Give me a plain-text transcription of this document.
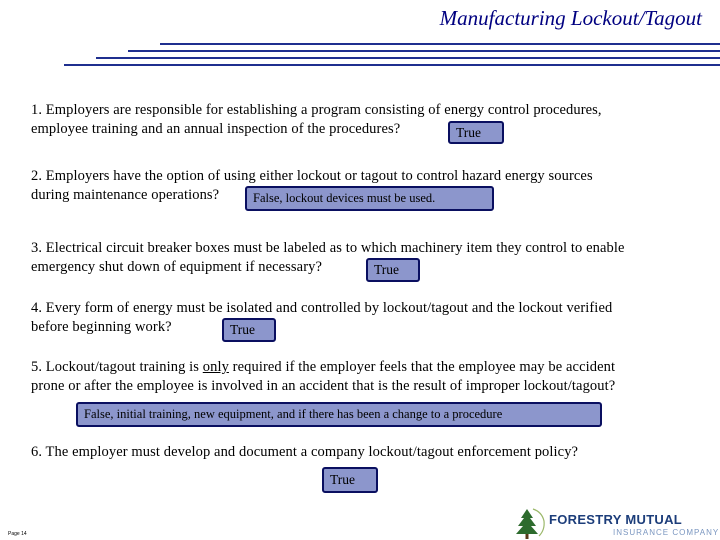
Manufacturing Lockout/Tagout
1. Employers are responsible for establishing a program consisting of energy control procedures,
employee training and an annual inspection of the procedures?	True
2. Employers have the option of using either lockout or tagout to control hazard energy sources
during maintenance operations?	False, lockout devices must be used.
3. Electrical circuit breaker boxes must be labeled as to which machinery item they control to enable
emergency shut down of equipment if necessary?	True
4. Every form of energy must be isolated and controlled by lockout/tagout and the lockout verified
before beginning work?	True
5. Lockout/tagout training is only required if the employer feels that the employee may be accident
prone or after the employee is involved in an accident that is the result of improper lockout/tagout?
False, initial training, new equipment, and if there has been a change to a procedure
6. The employer must develop and document a company lockout/tagout enforcement policy?
True
Page 14
FORESTRY MUTUAL
INSURANCE COMPANY
